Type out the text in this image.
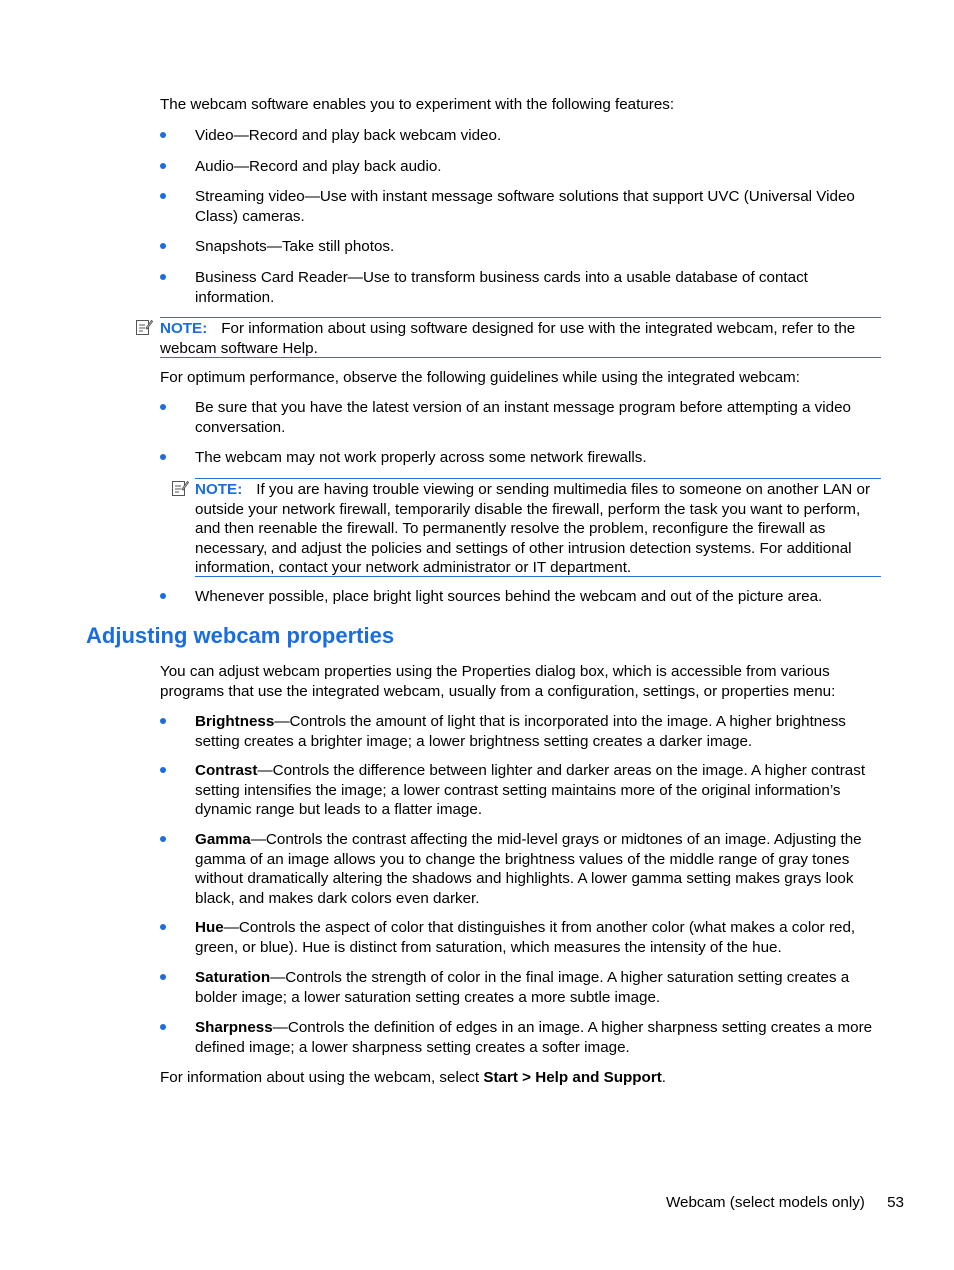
The webcam software enables you to experiment with the following features:

Video—Record and play back webcam video.
Audio—Record and play back audio.
Streaming video—Use with instant message software solutions that support UVC (Universal Video Class) cameras.
Snapshots—Take still photos.
Business Card Reader—Use to transform business cards into a usable database of contact information.
NOTE: For information about using software designed for use with the integrated webcam, refer to the webcam software Help.

For optimum performance, observe the following guidelines while using the integrated webcam:

Be sure that you have the latest version of an instant message program before attempting a video conversation.
The webcam may not work properly across some network firewalls.
NOTE: If you are having trouble viewing or sending multimedia files to someone on another LAN or outside your network firewall, temporarily disable the firewall, perform the task you want to perform, and then reenable the firewall. To permanently resolve the problem, reconfigure the firewall as necessary, and adjust the policies and settings of other intrusion detection systems. For additional information, contact your network administrator or IT department.
Whenever possible, place bright light sources behind the webcam and out of the picture area.
Adjusting webcam properties

You can adjust webcam properties using the Properties dialog box, which is accessible from various programs that use the integrated webcam, usually from a configuration, settings, or properties menu:

Brightness—Controls the amount of light that is incorporated into the image. A higher brightness setting creates a brighter image; a lower brightness setting creates a darker image.
Contrast—Controls the difference between lighter and darker areas on the image. A higher contrast setting intensifies the image; a lower contrast setting maintains more of the original information’s dynamic range but leads to a flatter image.
Gamma—Controls the contrast affecting the mid-level grays or midtones of an image. Adjusting the gamma of an image allows you to change the brightness values of the middle range of gray tones without dramatically altering the shadows and highlights. A lower gamma setting makes grays look black, and makes dark colors even darker.
Hue—Controls the aspect of color that distinguishes it from another color (what makes a color red, green, or blue). Hue is distinct from saturation, which measures the intensity of the hue.
Saturation—Controls the strength of color in the final image. A higher saturation setting creates a bolder image; a lower saturation setting creates a more subtle image.
Sharpness—Controls the definition of edges in an image. A higher sharpness setting creates a more defined image; a lower sharpness setting creates a softer image.

For information about using the webcam, select Start > Help and Support.

Webcam (select models only) 53
